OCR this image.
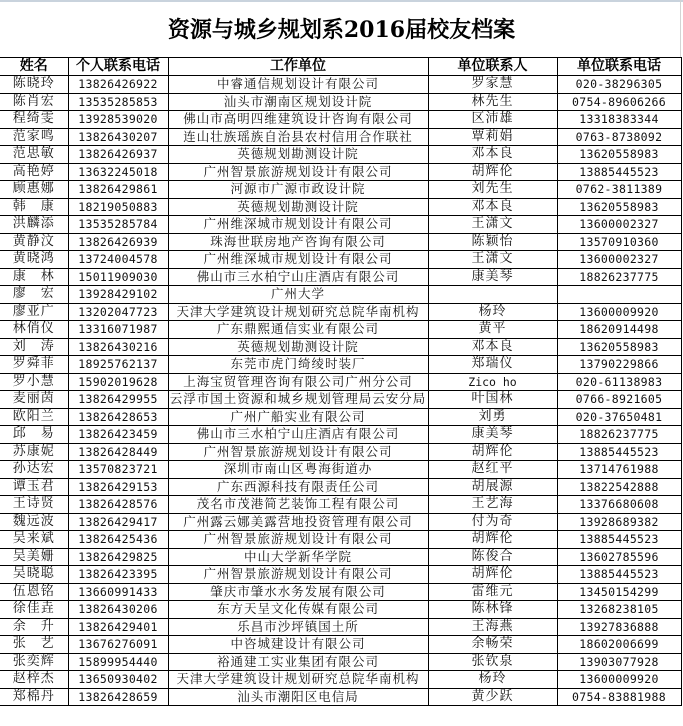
资源与城乡规划系2016届校友档案
姓名	个人联系电话	工作单位	单位联系人	单位联系电话
陈晓玲	13826426922	中睿通信规划设计有限公司	罗家慧	020-38296305
陈肖宏	13535285853	汕头市潮南区规划设计院	林先生	0754-89606266
程绮雯	13928539020	佛山市高明四维建筑设计咨询有限公司	区沛雄	13318383344
范家鸣	13826430207	连山壮族瑶族自治县农村信用合作联社	覃莉娟	0763-8738092
范思敏	13826426937	英德规划勘测设计院	邓本良	13620558983
高艳婷	13632245018	广州智景旅游规划设计有限公司	胡辉伦	13885445523
顾惠娜	13826429861	河源市广源市政设计院	刘先生	0762-3811389
韩　康	18219050883	英德规划勘测设计院	邓本良	13620558983
洪麟添	13535285784	广州维深城市规划设计有限公司	王潇文	13600002327
黄静汶	13826426939	珠海世联房地产咨询有限公司	陈颖怡	13570910360
黄晓鸿	13724004578	广州维深城市规划设计有限公司	王潇文	13600002327
康　林	15011909030	佛山市三水柏宁山庄酒店有限公司	康美琴	18826237775
廖　宏	13928429102	广州大学		
廖亚广	13202047723	天津大学建筑设计规划研究总院华南机构	杨玲	13600009920
林俏仪	13316071987	广东鼎熙通信实业有限公司	黄平	18620914498
刘　涛	13826430216	英德规划勘测设计院	邓本良	13620558983
罗舜菲	18925762137	东莞市虎门绮绫时装厂	郑瑞仪	13790229866
罗小慧	15902019628	上海宝贸管理咨询有限公司广州分公司	Zico ho	020-61138983
麦丽茵	13826429955	云浮市国土资源和城乡规划管理局云安分局	叶国林	0766-8921605
欧阳兰	13826428653	广州广船实业有限公司	刘勇	020-37650481
邱　易	13826423459	佛山市三水柏宁山庄酒店有限公司	康美琴	18826237775
苏康妮	13826428449	广州智景旅游规划设计有限公司	胡辉伦	13885445523
孙达宏	13570823721	深圳市南山区粤海街道办	赵红平	13714761988
谭玉君	13826429153	广东西源科技有限责任公司	胡展源	13822542888
王诗贤	13826428576	茂名市茂港简艺装饰工程有限公司	王艺海	13376680608
魏远波	13826429417	广州露云娜美露营地投资管理有限公司	付为奇	13928689382
吴来斌	13826425436	广州智景旅游规划设计有限公司	胡辉伦	13885445523
吴美姗	13826429825	中山大学新华学院	陈俊合	13602785596
吴晓聪	13826423395	广州智景旅游规划设计有限公司	胡辉伦	13885445523
伍恩铭	13660991433	肇庆市肇水水务发展有限公司	雷维元	13450154299
徐佳垚	13826430206	东方天呈文化传媒有限公司	陈林锋	13268238105
余　升	13826429401	乐昌市沙坪镇国土所	王海燕	13927836888
张　艺	13676276091	中咨城建设计有限公司	余畅荣	18602006699
张奕辉	15899954440	裕通建工实业集团有限公司	张钦泉	13903077928
赵梓杰	13650930402	天津大学建筑设计规划研究总院华南机构	杨玲	13600009920
郑棉丹	13826428659	汕头市潮阳区电信局	黄少跃	0754-83881988
